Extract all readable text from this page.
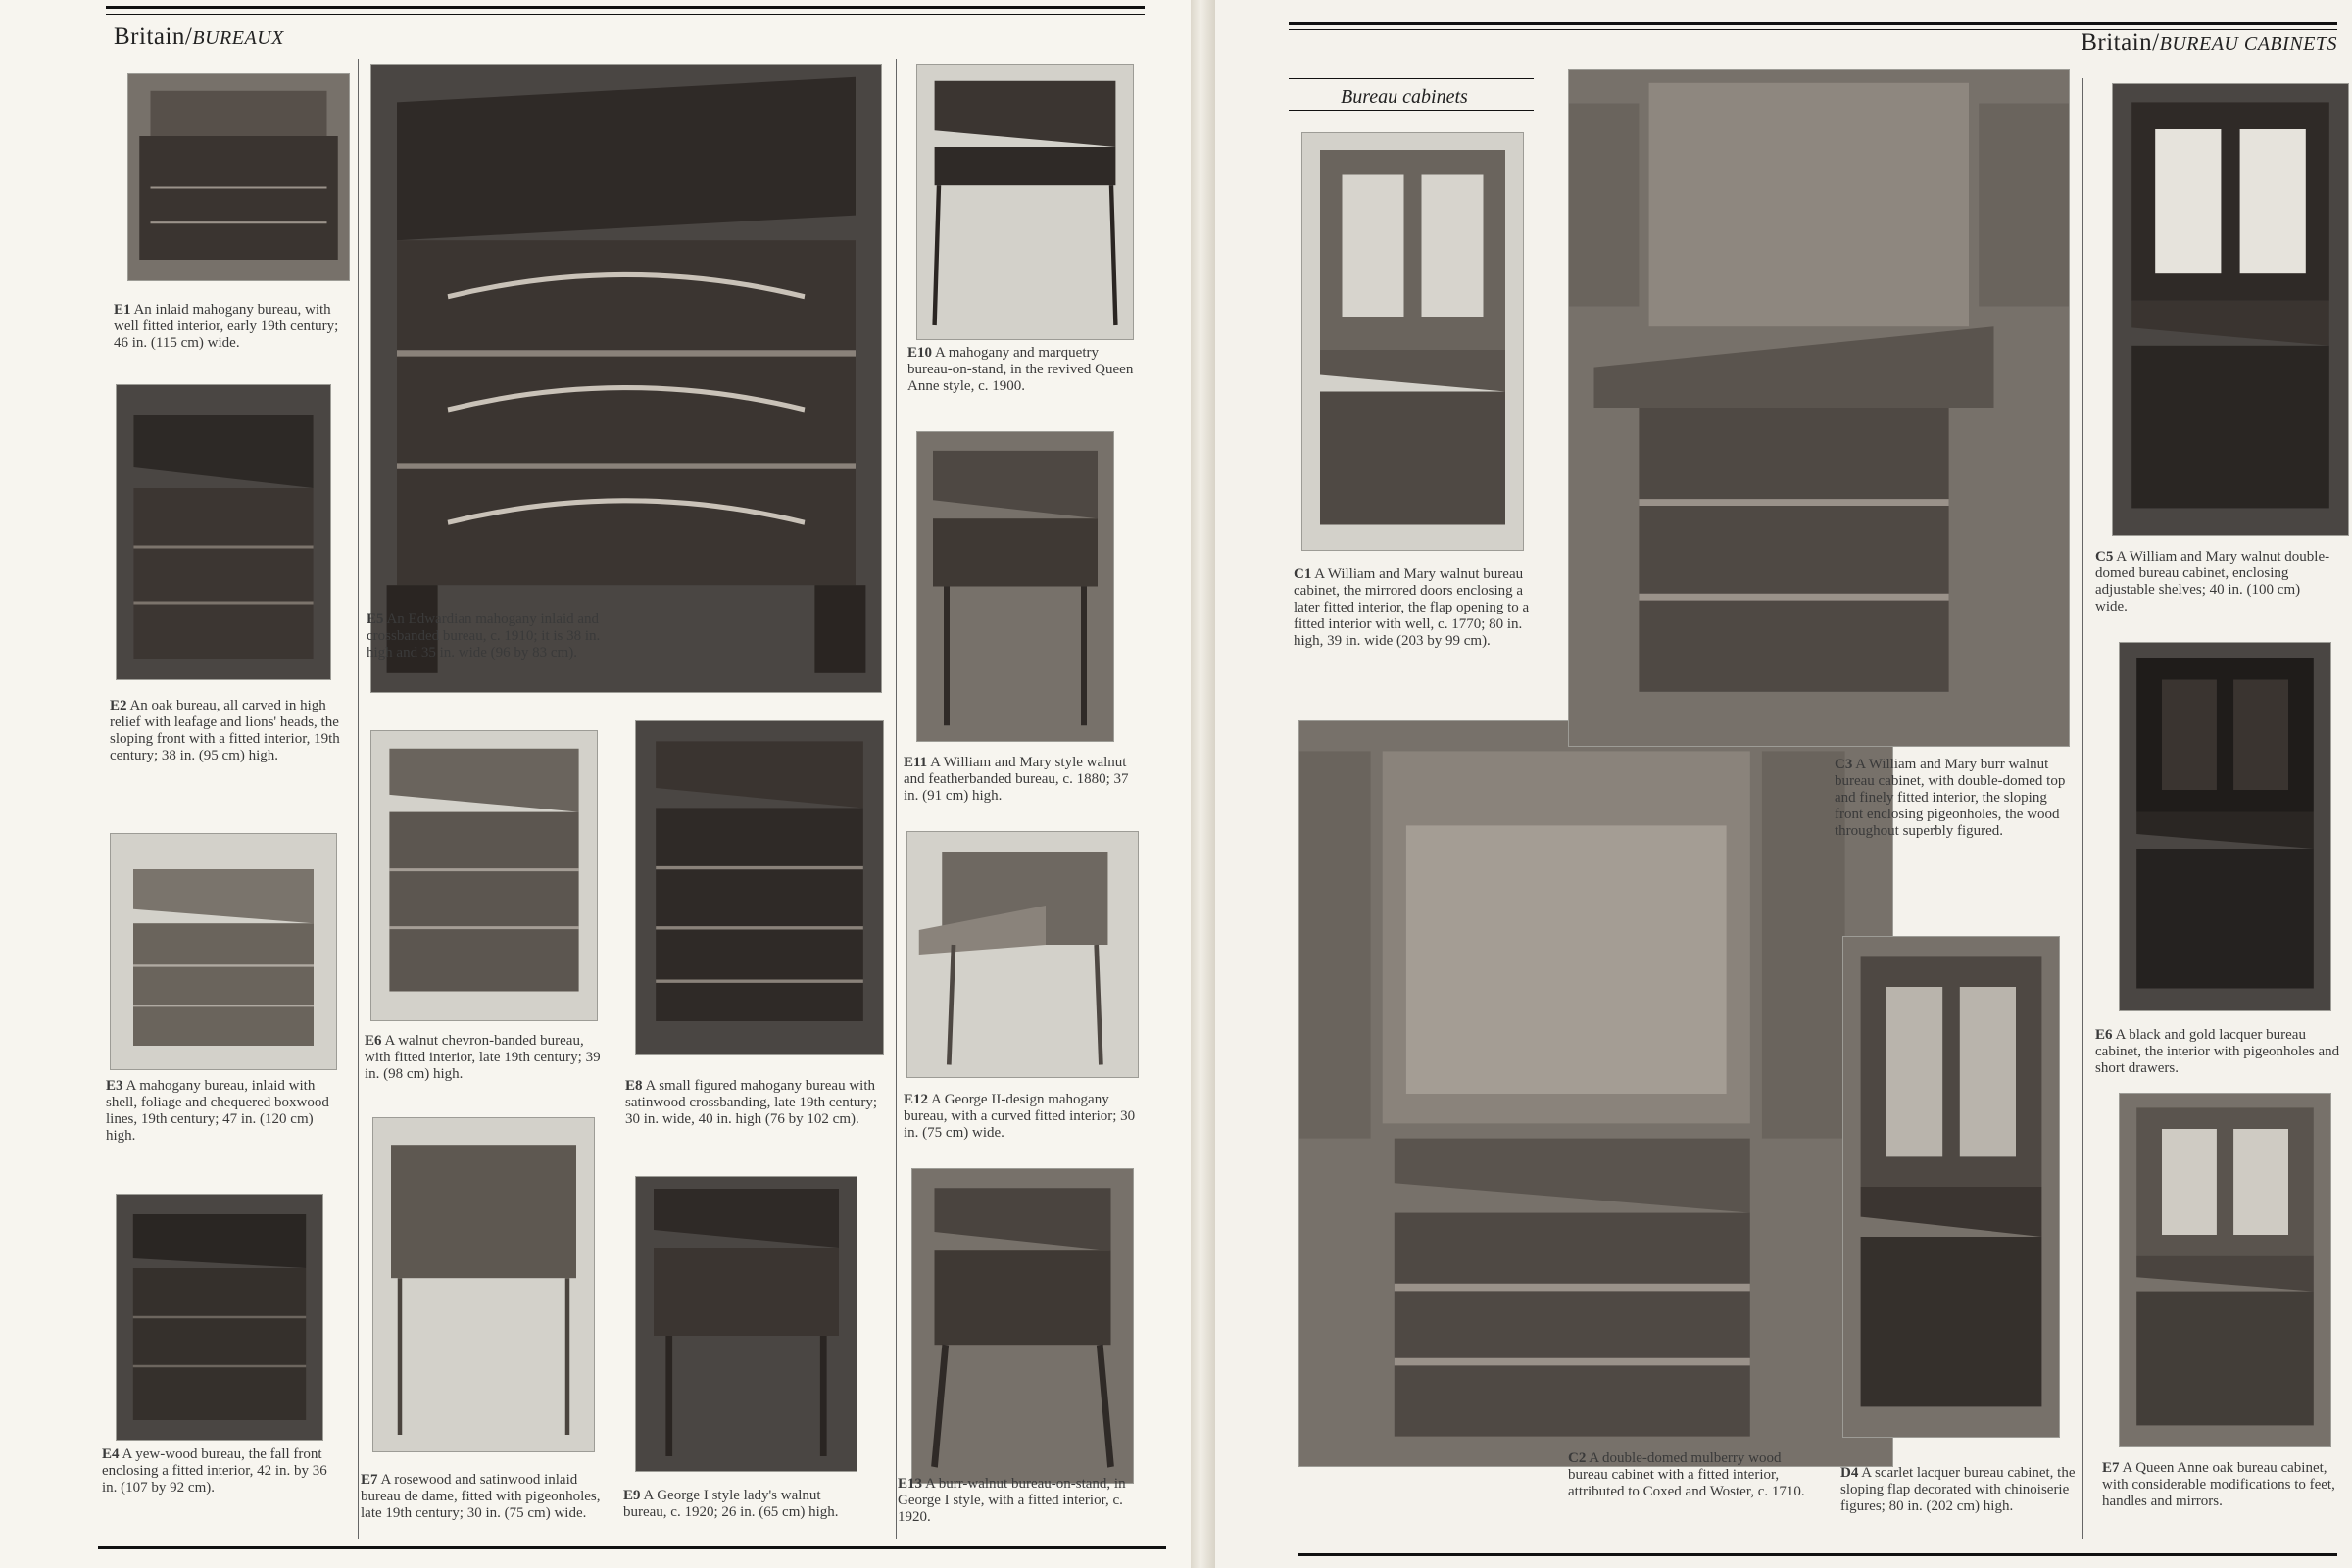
Britain/BUREAUX
E1 An inlaid mahogany bureau, with well fitted interior, early 19th century; 46 in. (115 cm) wide.
E2 An oak bureau, all carved in high relief with leafage and lions' heads, the sloping front with a fitted interior, 19th century; 38 in. (95 cm) high.
E3 A mahogany bureau, inlaid with shell, foliage and chequered boxwood lines, 19th century; 47 in. (120 cm) high.
E4 A yew-wood bureau, the fall front enclosing a fitted interior, 42 in. by 36 in. (107 by 92 cm).
E5 An Edwardian mahogany inlaid and crossbanded bureau, c. 1910; it is 38 in. high and 35 in. wide (96 by 83 cm).
E6 A walnut chevron-banded bureau, with fitted interior, late 19th century; 39 in. (98 cm) high.
E7 A rosewood and satinwood inlaid bureau de dame, fitted with pigeonholes, late 19th century; 30 in. (75 cm) wide.
E8 A small figured mahogany bureau with satinwood crossbanding, late 19th century; 30 in. wide, 40 in. high (76 by 102 cm).
E9 A George I style lady's walnut bureau, c. 1920; 26 in. (65 cm) high.
E10 A mahogany and marquetry bureau-on-stand, in the revived Queen Anne style, c. 1900.
E11 A William and Mary style walnut and featherbanded bureau, c. 1880; 37 in. (91 cm) high.
E12 A George II-design mahogany bureau, with a curved fitted interior; 30 in. (75 cm) wide.
E13 A burr-walnut bureau-on-stand, in George I style, with a fitted interior, c. 1920.
Britain/BUREAU CABINETS
Bureau cabinets
C1 A William and Mary walnut bureau cabinet, the mirrored doors enclosing a later fitted interior, the flap opening to a fitted interior with well, c. 1770; 80 in. high, 39 in. wide (203 by 99 cm).
C2 A double-domed mulberry wood bureau cabinet with a fitted interior, attributed to Coxed and Woster, c. 1710.
C3 A William and Mary burr walnut bureau cabinet, with double-domed top and finely fitted interior, the sloping front enclosing pigeonholes, the wood throughout superbly figured.
D4 A scarlet lacquer bureau cabinet, the sloping flap decorated with chinoiserie figures; 80 in. (202 cm) high.
C5 A William and Mary walnut double-domed bureau cabinet, enclosing adjustable shelves; 40 in. (100 cm) wide.
E6 A black and gold lacquer bureau cabinet, the interior with pigeonholes and short drawers.
E7 A Queen Anne oak bureau cabinet, with considerable modifications to feet, handles and mirrors.
